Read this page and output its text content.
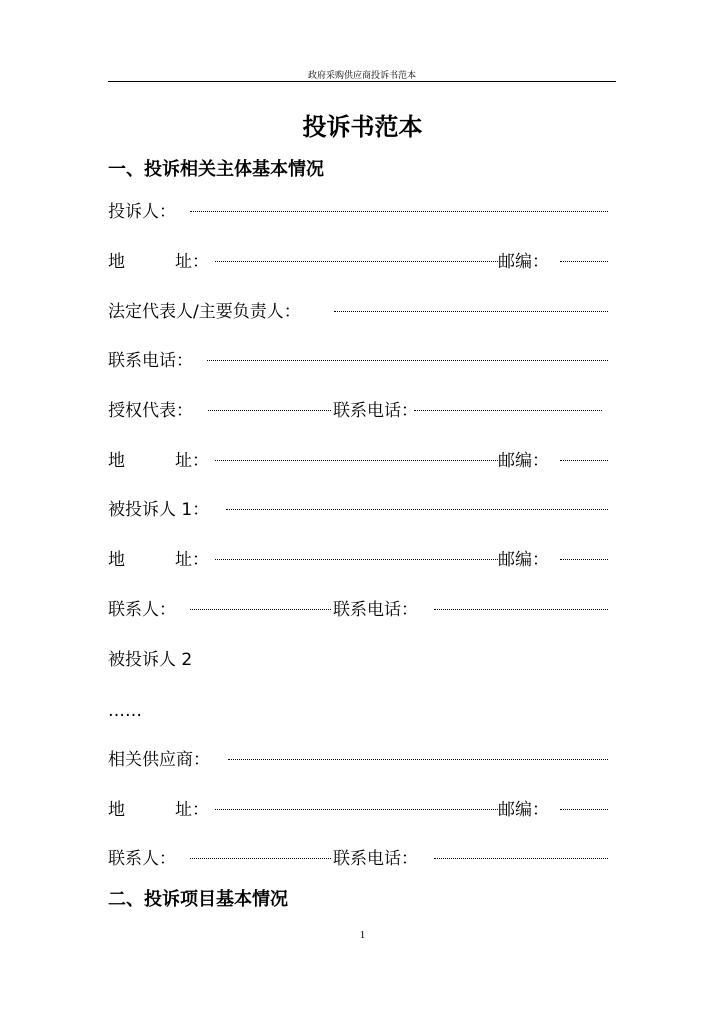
政府采购供应商投诉书范本
投诉书范本
一、投诉相关主体基本情况
投诉人：
地	址：	邮编：
法定代表人/主要负责人：
联系电话：
授权代表：	联系电话：
地	址：	邮编：
被投诉人 1：
地	址：	邮编：
联系人：	联系电话：
被投诉人 2
……
相关供应商：
地	址：	邮编：
联系人：	联系电话：
二、投诉项目基本情况
1
